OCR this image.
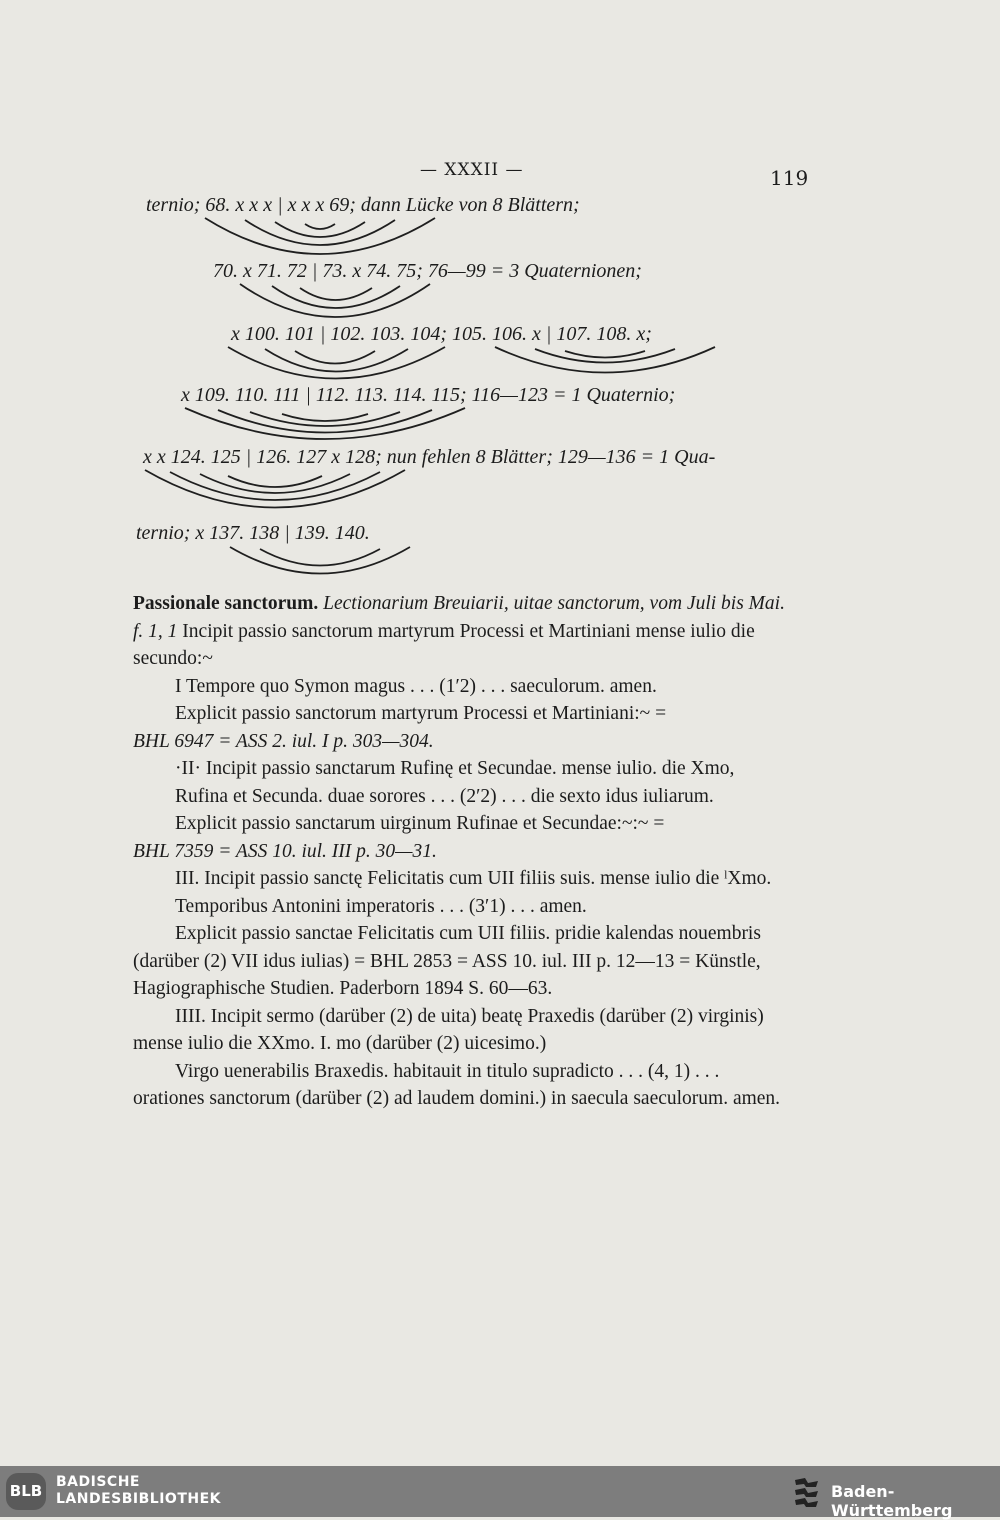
— XXXII —	119
ternio; 68. x x x | x x x 69; dann Lücke von 8 Blättern;
70. x 71. 72 | 73. x 74. 75; 76—99 = 3 Quaternionen;
x 100. 101 | 102. 103. 104; 105. 106. x | 107. 108. x;
x 109. 110. 111 | 112. 113. 114. 115; 116—123 = 1 Quaternio;
x x 124. 125 | 126. 127 x 128; nun fehlen 8 Blätter; 129—136 = 1 Qua-
ternio; x 137. 138 | 139. 140.

Passionale sanctorum. Lectionarium Breuiarii, uitae sanctorum, vom Juli bis Mai.

f. 1, 1 Incipit passio sanctorum martyrum Processi et Martiniani mense iulio die secundo:~

I Tempore quo Symon magus . . . (1′2) . . . saeculorum. amen.

Explicit passio sanctorum martyrum Processi et Martiniani:~ =

BHL 6947 = ASS 2. iul. I p. 303—304.

·II· Incipit passio sanctarum Rufinę et Secundae. mense iulio. die Xmo,

Rufina et Secunda. duae sorores . . . (2′2) . . . die sexto idus iuliarum.

Explicit passio sanctarum uirginum Rufinae et Secundae:~:~ =

BHL 7359 = ASS 10. iul. III p. 30—31.

III. Incipit passio sanctę Felicitatis cum UII filiis suis. mense iulio die ˡXmo.

Temporibus Antonini imperatoris . . . (3′1) . . . amen.

Explicit passio sanctae Felicitatis cum UII filiis. pridie kalendas nouembris (darüber (2) VII idus iulias) = BHL 2853 = ASS 10. iul. III p. 12—13 = Künstle, Hagiographische Studien. Paderborn 1894 S. 60—63.

IIII. Incipit sermo (darüber (2) de uita) beatę Praxedis (darüber (2) virginis) mense iulio die XXmo. I. mo (darüber (2) uicesimo.)

Virgo uenerabilis Braxedis. habitauit in titulo supradicto . . . (4, 1) . . . orationes sanctorum (darüber (2) ad laudem domini.) in saecula saeculorum. amen.

BLB BADISCHE
LANDESBIBLIOTHEK	Baden-Württemberg
